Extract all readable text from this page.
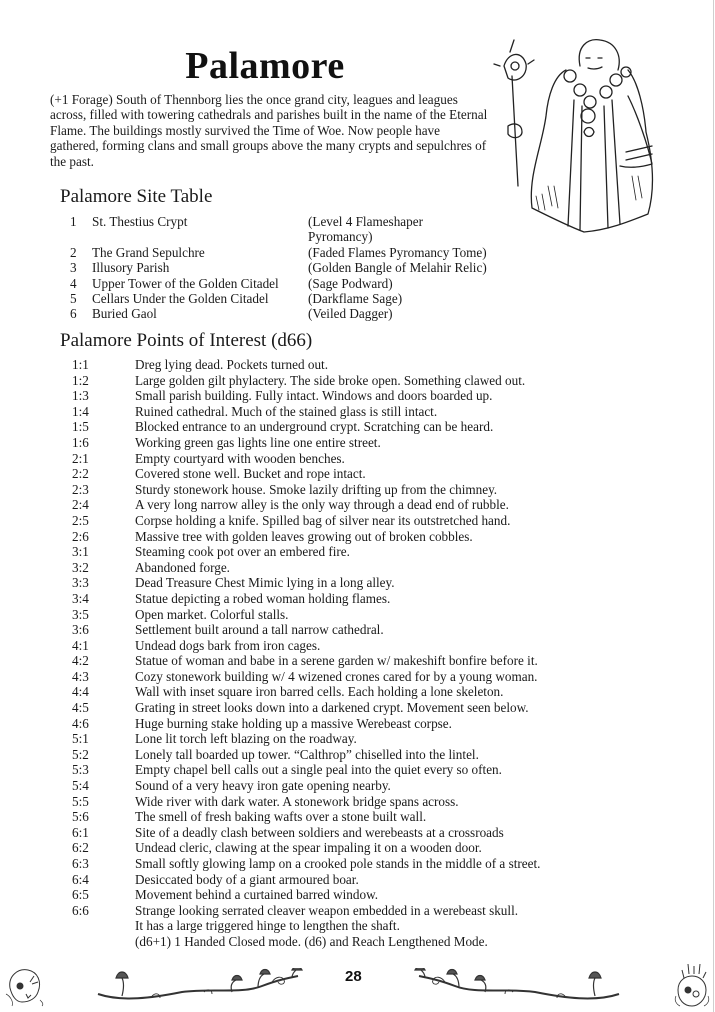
Palamore

(+1 Forage) South of Thennborg lies the once grand city, leagues and leagues across, filled with towering cathedrals and parishes built in the name of the Eternal Flame. The buildings mostly survived the Time of Woe. Now people have gathered, forming clans and small groups above the many crypts and sepulchres of the past.

Palamore Site Table
1	St. Thestius Crypt	(Level 4 Flameshaper Pyromancy)
2	The Grand Sepulchre	(Faded Flames Pyromancy Tome)
3	Illusory Parish	(Golden Bangle of Melahir Relic)
4	Upper Tower of the Golden Citadel	(Sage Podward)
5	Cellars Under the Golden Citadel	(Darkflame Sage)
6	Buried Gaol	(Veiled Dagger)
Palamore Points of Interest (d66)
1:1	Dreg lying dead. Pockets turned out.
1:2	Large golden gilt phylactery. The side broke open. Something clawed out.
1:3	Small parish building. Fully intact. Windows and doors boarded up.
1:4	Ruined cathedral. Much of the stained glass is still intact.
1:5	Blocked entrance to an underground crypt. Scratching can be heard.
1:6	Working green gas lights line one entire street.
2:1	Empty courtyard with wooden benches.
2:2	Covered stone well. Bucket and rope intact.
2:3	Sturdy stonework house. Smoke lazily drifting up from the chimney.
2:4	A very long narrow alley is the only way through a dead end of rubble.
2:5	Corpse holding a knife. Spilled bag of silver near its outstretched hand.
2:6	Massive tree with golden leaves growing out of broken cobbles.
3:1	Steaming cook pot over an embered fire.
3:2	Abandoned forge.
3:3	Dead Treasure Chest Mimic lying in a long alley.
3:4	Statue depicting a robed woman holding flames.
3:5	Open market. Colorful stalls.
3:6	Settlement built around a tall narrow cathedral.
4:1	Undead dogs bark from iron cages.
4:2	Statue of woman and babe in a serene garden w/ makeshift bonfire before it.
4:3	Cozy stonework building w/ 4 wizened crones cared for by a young woman.
4:4	Wall with inset square iron barred cells. Each holding a lone skeleton.
4:5	Grating in street looks down into a darkened crypt. Movement seen below.
4:6	Huge burning stake holding up a massive Werebeast corpse.
5:1	Lone lit torch left blazing on the roadway.
5:2	Lonely tall boarded up tower. “Calthrop” chiselled into the lintel.
5:3	Empty chapel bell calls out a single peal into the quiet every so often.
5:4	Sound of a very heavy iron gate opening nearby.
5:5	Wide river with dark water. A stonework bridge spans across.
5:6	The smell of fresh baking wafts over a stone built wall.
6:1	Site of a deadly clash between soldiers and werebeasts at a crossroads
6:2	Undead cleric, clawing at the spear impaling it on a wooden door.
6:3	Small softly glowing lamp on a crooked pole stands in the middle of a street.
6:4	Desiccated body of a giant armoured boar.
6:5	Movement behind a curtained barred window.
6:6	Strange looking serrated cleaver weapon embedded in a werebeast skull.
It has a large triggered hinge to lengthen the shaft.
(d6+1) 1 Handed Closed mode. (d6) and Reach Lengthened Mode.
28
